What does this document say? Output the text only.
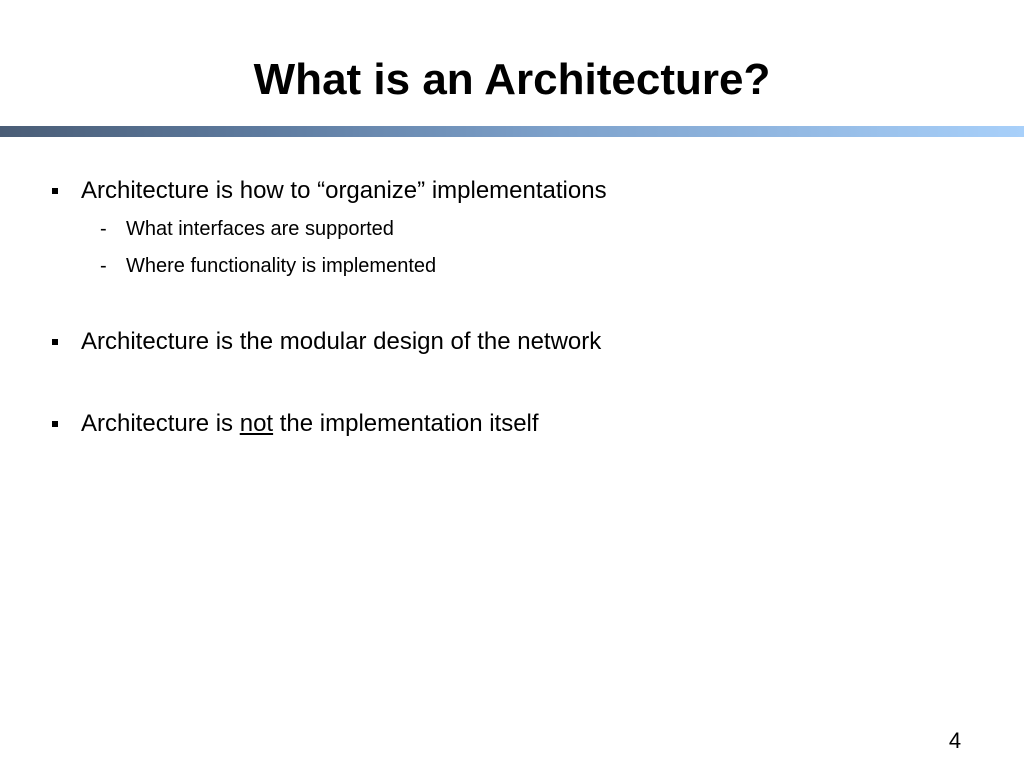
What is an Architecture?
Architecture is how to “organize” implementations
- What interfaces are supported
- Where functionality is implemented
Architecture is the modular design of the network
Architecture is not the implementation itself
4
